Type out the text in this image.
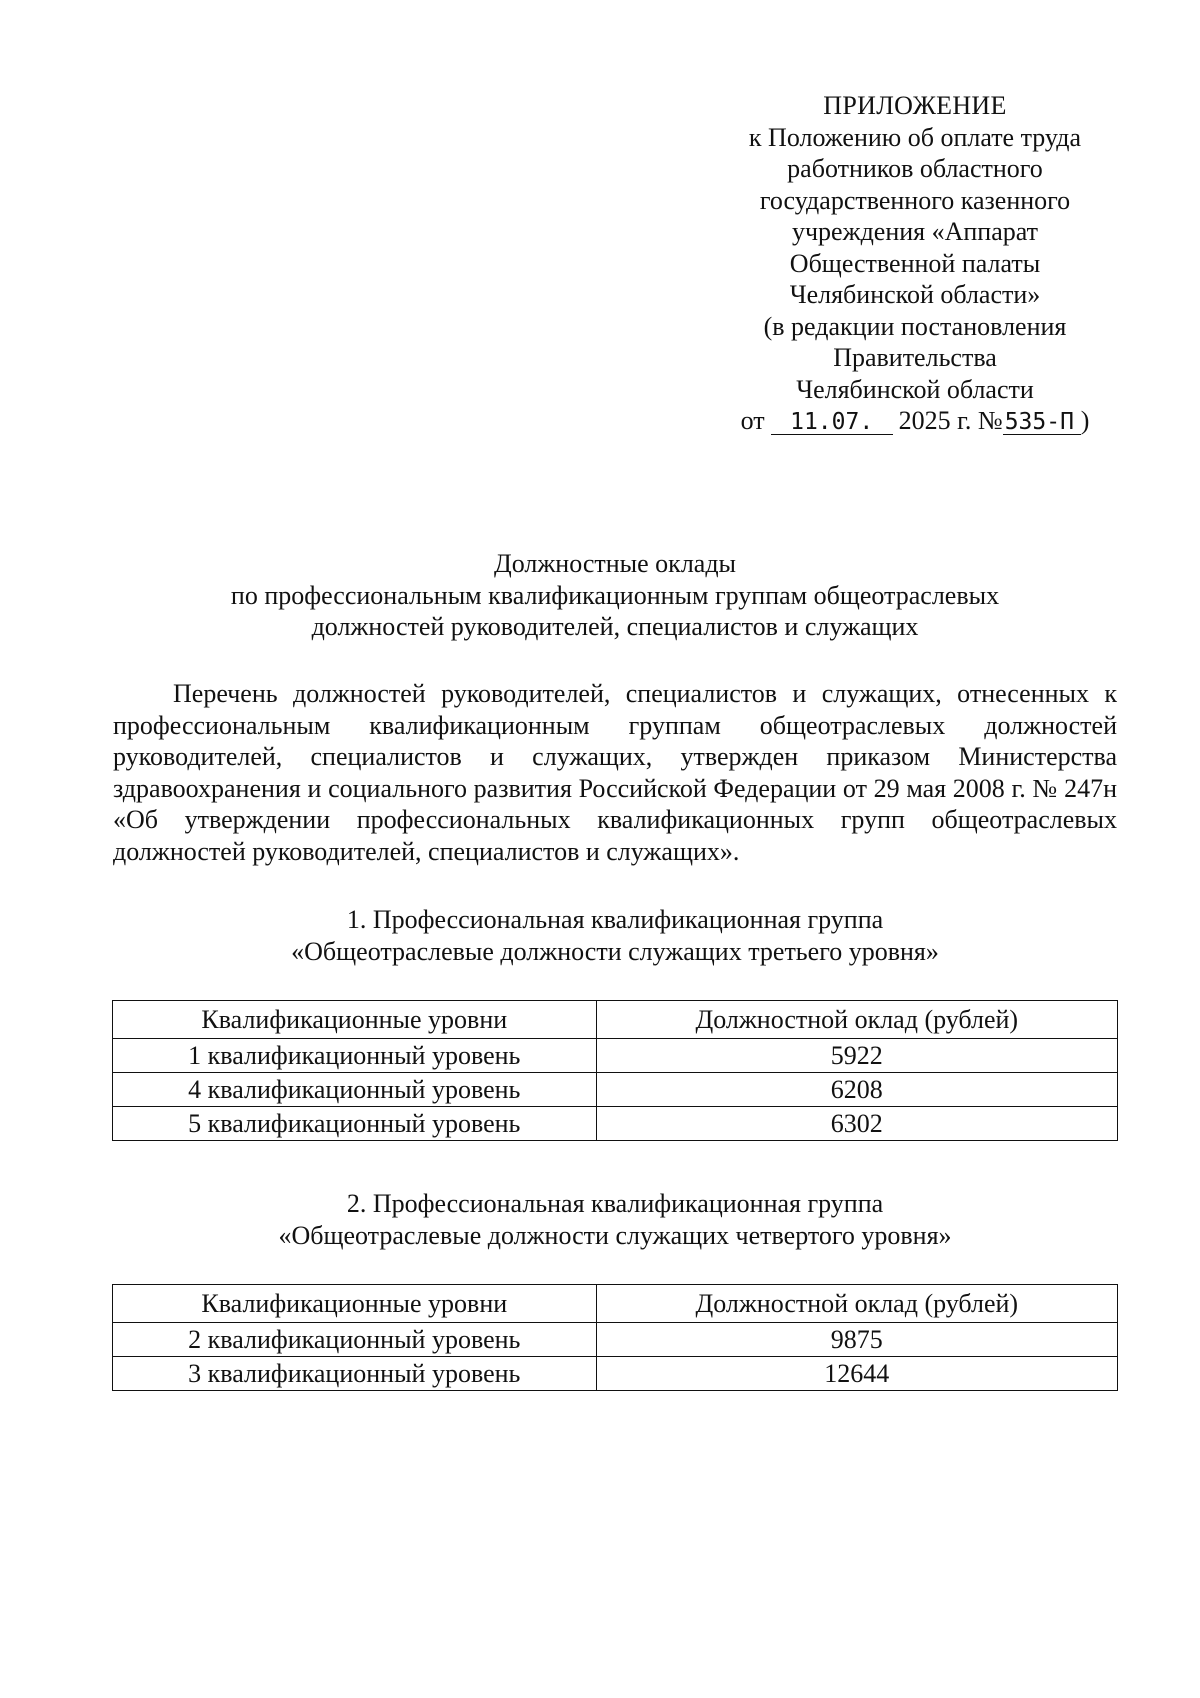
ПРИЛОЖЕНИЕ
к Положению об оплате труда
работников областного
государственного казенного
учреждения «Аппарат
Общественной палаты
Челябинской области»
(в редакции постановления
Правительства
Челябинской области
от 11.07. 2025 г. №535-П )
Должностные оклады
по профессиональным квалификационным группам общеотраслевых
должностей руководителей, специалистов и служащих

Перечень должностей руководителей, специалистов и служащих, отнесенных к профессиональным квалификационным группам общеотраслевых должностей руководителей, специалистов и служащих, утвержден приказом Министерства здравоохранения и социального развития Российской Федерации от 29 мая 2008 г. № 247н «Об утверждении профессиональных квалификационных групп общеотраслевых должностей руководителей, специалистов и служащих».

1. Профессиональная квалификационная группа
«Общеотраслевые должности служащих третьего уровня»
Квалификационные уровни	Должностной оклад (рублей)
1 квалификационный уровень	5922
4 квалификационный уровень	6208
5 квалификационный уровень	6302
2. Профессиональная квалификационная группа
«Общеотраслевые должности служащих четвертого уровня»
Квалификационные уровни	Должностной оклад (рублей)
2 квалификационный уровень	9875
3 квалификационный уровень	12644
